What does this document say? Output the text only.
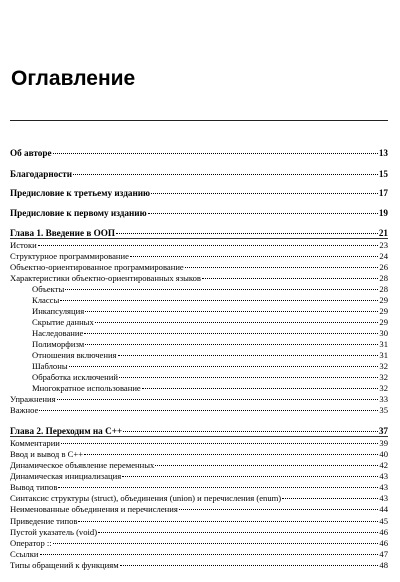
Оглавление
Об авторе	13
Благодарности	15
Предисловие к третьему изданию	17
Предисловие к первому изданию	19
Глава 1. Введение в ООП	21
Истоки	23
Структурное программирование	24
Объектно-ориентированное программирование	26
Характеристики объектно-ориентированных языков	28
Объекты	28
Классы	29
Инкапсуляция	29
Скрытие данных	29
Наследование	30
Полиморфизм	31
Отношения включения	31
Шаблоны	32
Обработка исключений	32
Многократное использование	32
Упражнения	33
Важное	35
Глава 2. Переходим на C++	37
Комментарии	39
Ввод и вывод в C++	40
Динамическое объявление переменных	42
Динамическая инициализация	43
Вывод типов	43
Синтаксис структуры (struct), объединения (union) и перечисления (enum)	43
Неименованные объединения и перечисления	44
Приведение типов	45
Пустой указатель (void)	46
Оператор ::	46
Ссылки	47
Типы обращений к функциям	48
